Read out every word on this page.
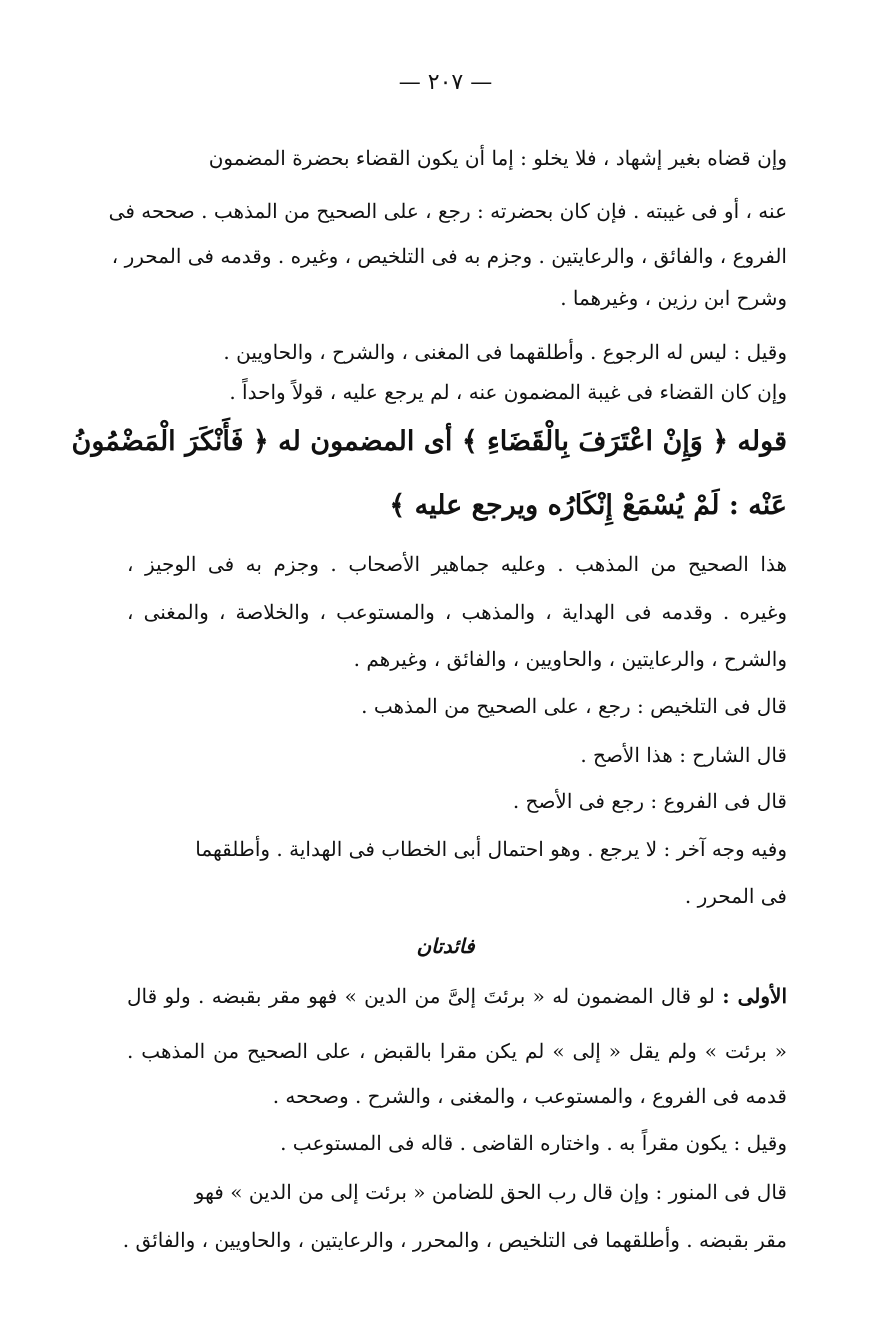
— ٢٠٧ —
وإن قضاه بغير إشهاد ، فلا يخلو : إما أن يكون القضاء بحضرة المضمون
عنه ، أو فى غيبته . فإن كان بحضرته : رجع ، على الصحيح من المذهب . صححه فى
الفروع ، والفائق ، والرعايتين . وجزم به فى التلخيص ، وغيره . وقدمه فى المحرر ،
وشرح ابن رزين ، وغيرهما .
وقيل : ليس له الرجوع . وأطلقهما فى المغنى ، والشرح ، والحاويين .
وإن كان القضاء فى غيبة المضمون عنه ، لم يرجع عليه ، قولاً واحداً .
قوله ﴿ وَإِنْ اعْتَرَفَ بِالْقَضَاءِ ﴾ أى المضمون له ﴿ فَأَنْكَرَ الْمَضْمُونُ
عَنْه : لَمْ يُسْمَعْ إِنْكَارُه ويرجع عليه ﴾
هذا الصحيح من المذهب . وعليه جماهير الأصحاب . وجزم به فى الوجيز ،
وغيره . وقدمه فى الهداية ، والمذهب ، والمستوعب ، والخلاصة ، والمغنى ،
والشرح ، والرعايتين ، والحاويين ، والفائق ، وغيرهم .
قال فى التلخيص : رجع ، على الصحيح من المذهب .
قال الشارح : هذا الأصح .
قال فى الفروع : رجع فى الأصح .
وفيه وجه آخر : لا يرجع . وهو احتمال أبى الخطاب فى الهداية . وأطلقهما
فى المحرر .
فائدتان
الأولى : لو قال المضمون له « برئتَ إلىَّ من الدين » فهو مقر بقبضه . ولو قال
« برئت » ولم يقل « إلى » لم يكن مقرا بالقبض ، على الصحيح من المذهب .
قدمه فى الفروع ، والمستوعب ، والمغنى ، والشرح . وصححه .
وقيل : يكون مقراً به . واختاره القاضى . قاله فى المستوعب .
قال فى المنور : وإن قال رب الحق للضامن « برئت إلى من الدين » فهو
مقر بقبضه . وأطلقهما فى التلخيص ، والمحرر ، والرعايتين ، والحاويين ، والفائق .
